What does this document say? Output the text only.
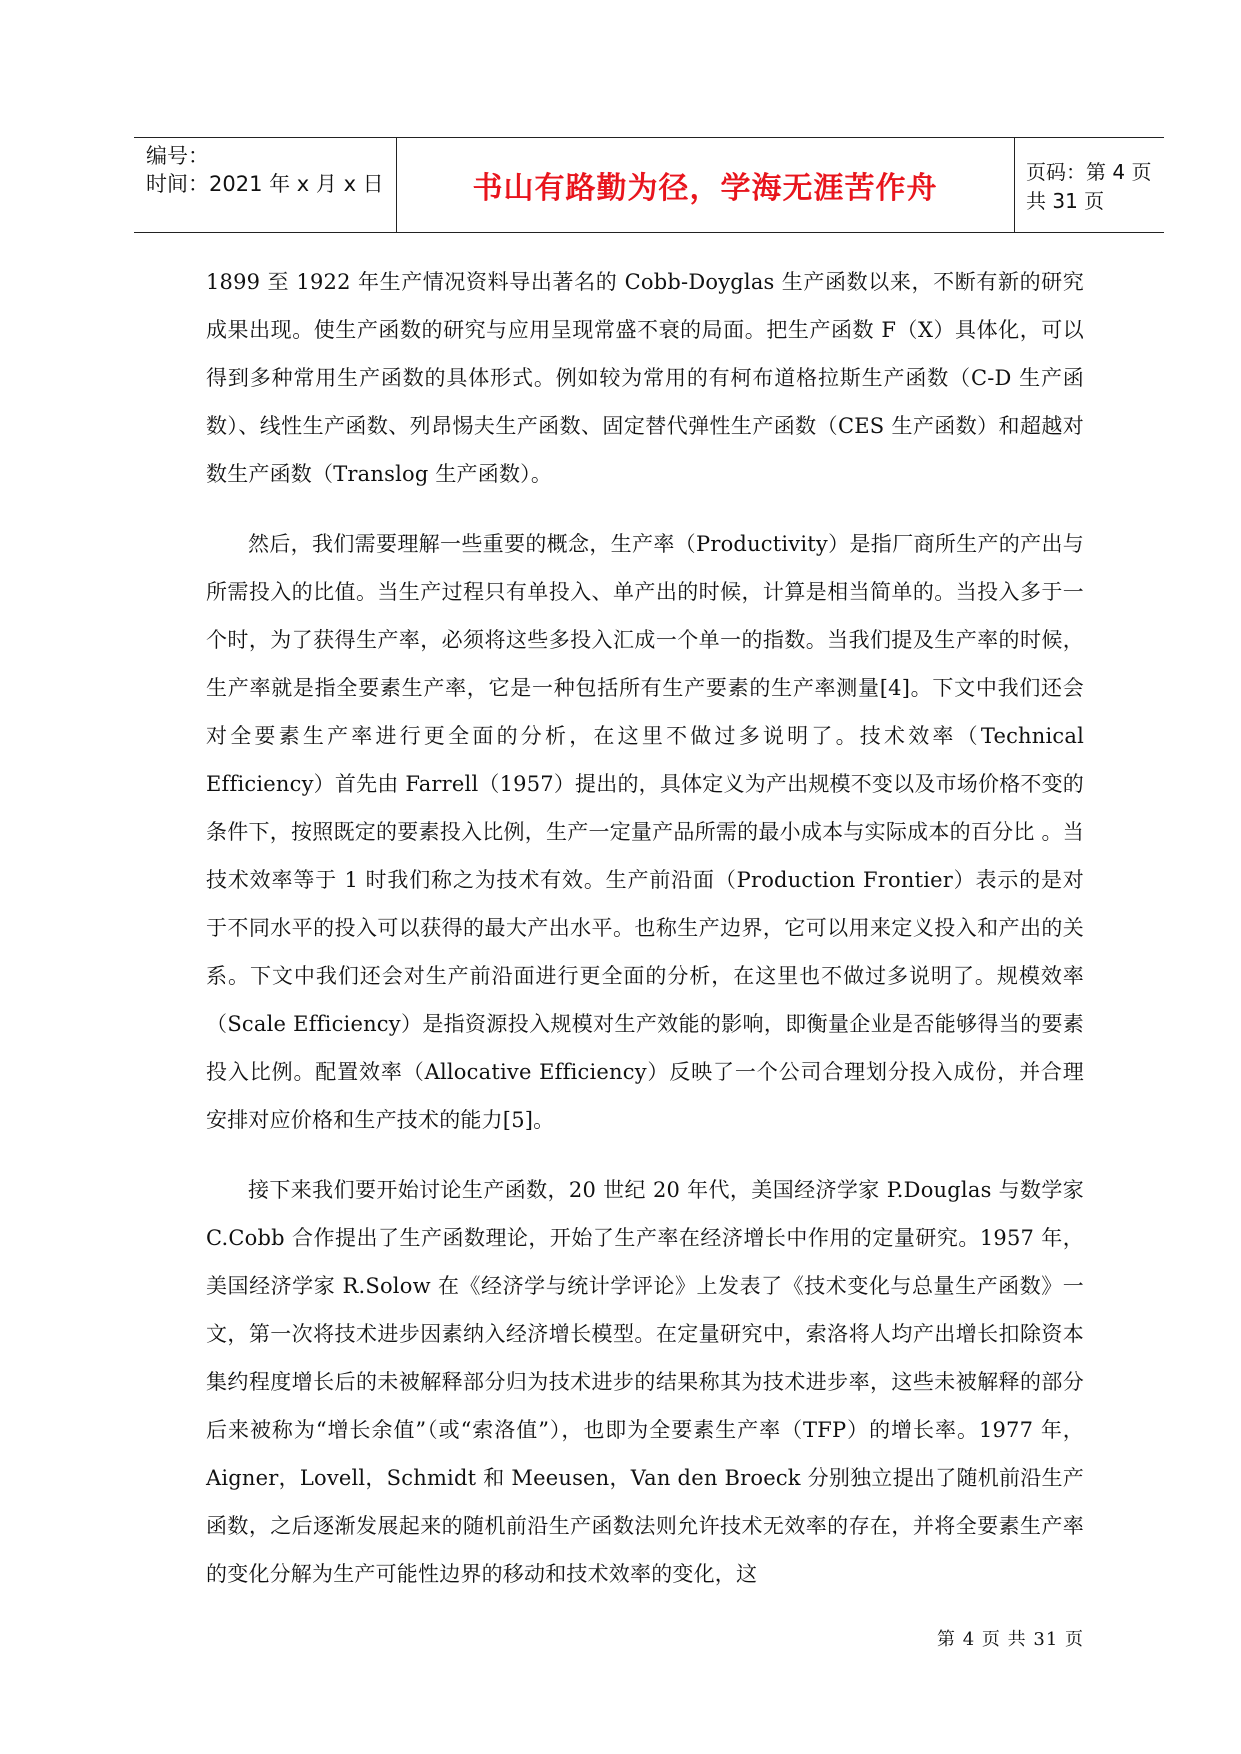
编号：
时间：2021 年 x 月 x 日	书山有路勤为径，学海无涯苦作舟	页码：第 4 页 共 31 页

1899 至 1922 年生产情况资料导出著名的 Cobb-Doyglas 生产函数以来，不断有新的研究成果出现。使生产函数的研究与应用呈现常盛不衰的局面。把生产函数 F（X）具体化，可以得到多种常用生产函数的具体形式。例如较为常用的有柯布道格拉斯生产函数（C-D 生产函数）、线性生产函数、列昂惕夫生产函数、固定替代弹性生产函数（CES 生产函数）和超越对数生产函数（Translog 生产函数）。

然后，我们需要理解一些重要的概念，生产率（Productivity）是指厂商所生产的产出与所需投入的比值。当生产过程只有单投入、单产出的时候，计算是相当简单的。当投入多于一个时，为了获得生产率，必须将这些多投入汇成一个单一的指数。当我们提及生产率的时候，生产率就是指全要素生产率，它是一种包括所有生产要素的生产率测量[4]。下文中我们还会对全要素生产率进行更全面的分析，在这里不做过多说明了。技术效率（Technical Efficiency）首先由 Farrell（1957）提出的，具体定义为产出规模不变以及市场价格不变的条件下，按照既定的要素投入比例，生产一定量产品所需的最小成本与实际成本的百分比 。当技术效率等于 1 时我们称之为技术有效。生产前沿面（Production Frontier）表示的是对于不同水平的投入可以获得的最大产出水平。也称生产边界，它可以用来定义投入和产出的关系。下文中我们还会对生产前沿面进行更全面的分析，在这里也不做过多说明了。规模效率（Scale Efficiency）是指资源投入规模对生产效能的影响，即衡量企业是否能够得当的要素投入比例。配置效率（Allocative Efficiency）反映了一个公司合理划分投入成份，并合理安排对应价格和生产技术的能力[5]。

接下来我们要开始讨论生产函数，20 世纪 20 年代，美国经济学家 P.Douglas 与数学家 C.Cobb 合作提出了生产函数理论，开始了生产率在经济增长中作用的定量研究。1957 年，美国经济学家 R.Solow 在《经济学与统计学评论》上发表了《技术变化与总量生产函数》一文，第一次将技术进步因素纳入经济增长模型。在定量研究中，索洛将人均产出增长扣除资本集约程度增长后的未被解释部分归为技术进步的结果称其为技术进步率，这些未被解释的部分后来被称为“增长余值”（或“索洛值”），也即为全要素生产率（TFP）的增长率。1977 年，Aigner，Lovell，Schmidt 和 Meeusen，Van den Broeck 分别独立提出了随机前沿生产函数，之后逐渐发展起来的随机前沿生产函数法则允许技术无效率的存在，并将全要素生产率的变化分解为生产可能性边界的移动和技术效率的变化，这

第 4 页 共 31 页
